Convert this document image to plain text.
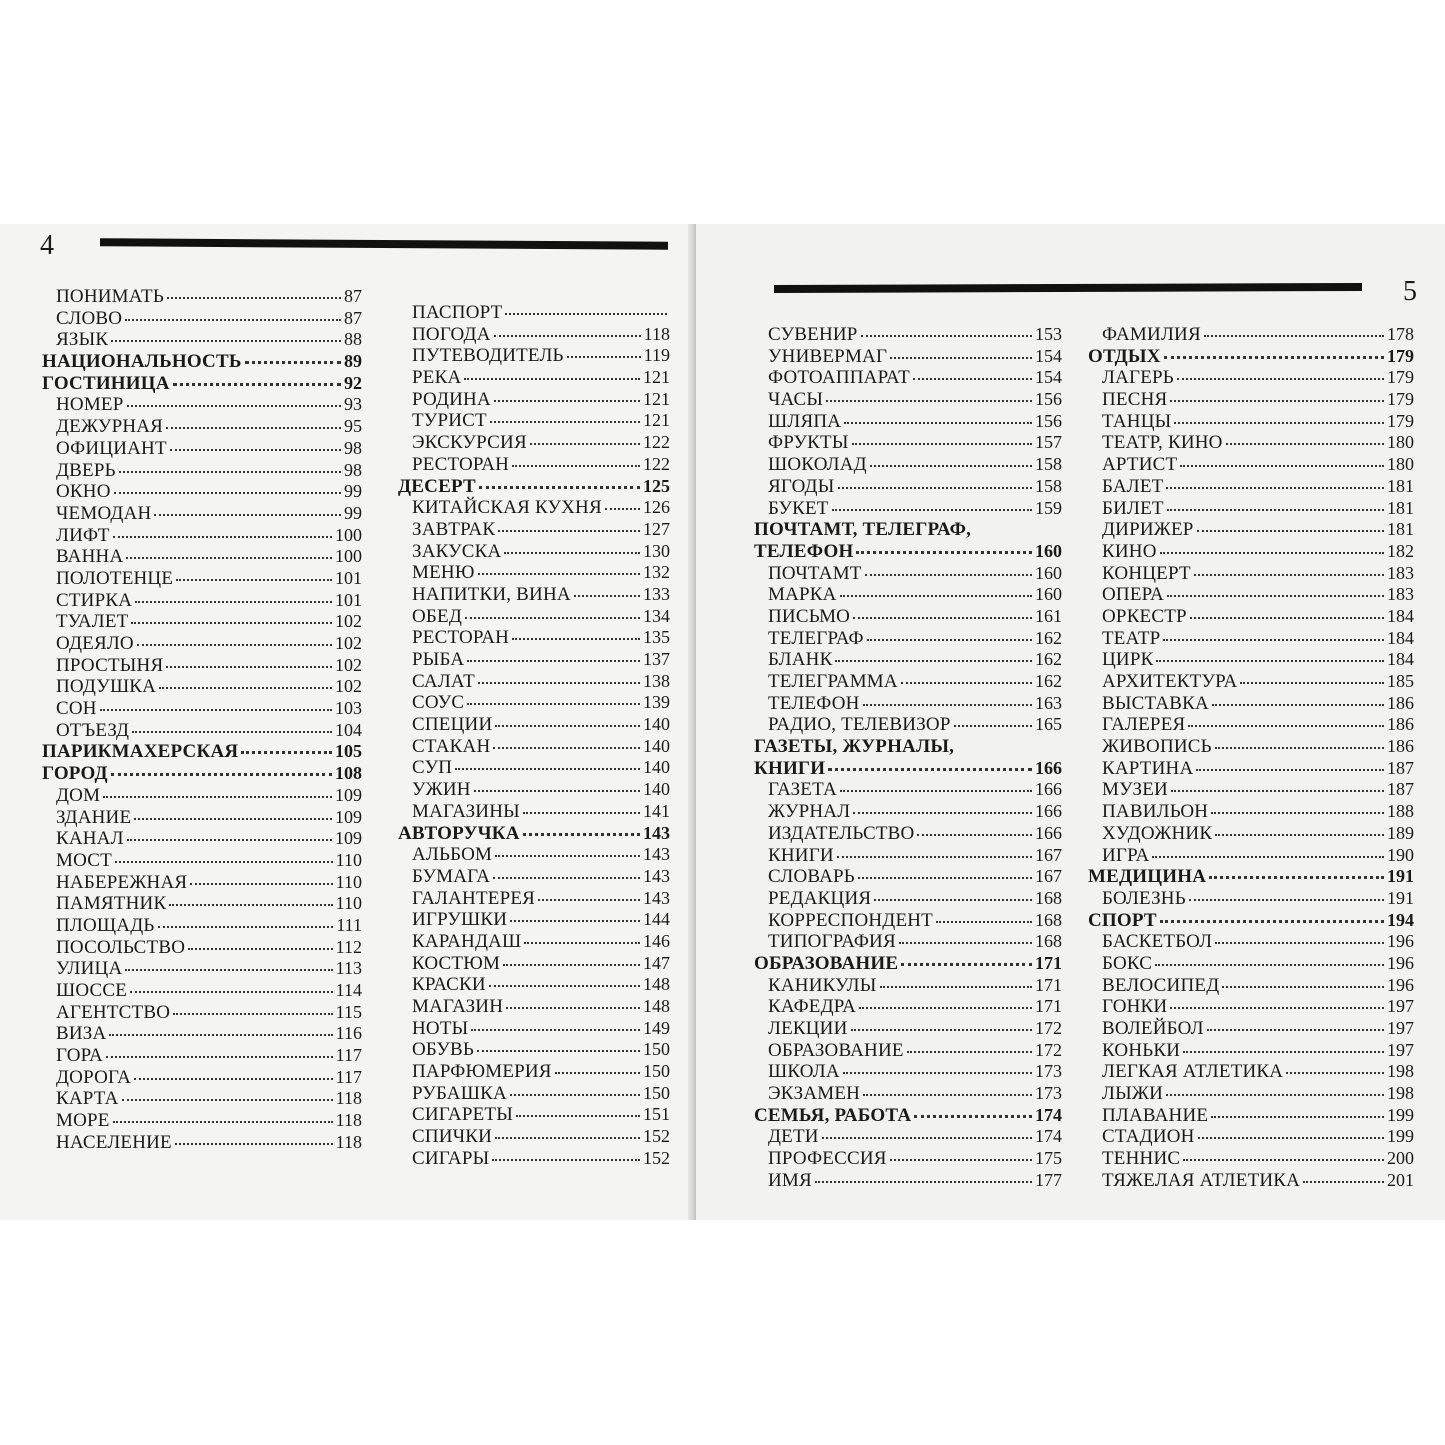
4
ПОНИМАТЬ	87
СЛОВО	87
ЯЗЫК	88
НАЦИОНАЛЬНОСТЬ	89
ГОСТИНИЦА	92
НОМЕР	93
ДЕЖУРНАЯ	95
ОФИЦИАНТ	98
ДВЕРЬ	98
ОКНО	99
ЧЕМОДАН	99
ЛИФТ	100
ВАННА	100
ПОЛОТЕНЦЕ	101
СТИРКА	101
ТУАЛЕТ	102
ОДЕЯЛО	102
ПРОСТЫНЯ	102
ПОДУШКА	102
СОН	103
ОТЪЕЗД	104
ПАРИКМАХЕРСКАЯ	105
ГОРОД	108
ДОМ	109
ЗДАНИЕ	109
КАНАЛ	109
МОСТ	110
НАБЕРЕЖНАЯ	110
ПАМЯТНИК	110
ПЛОЩАДЬ	111
ПОСОЛЬСТВО	112
УЛИЦА	113
ШОССЕ	114
АГЕНТСТВО	115
ВИЗА	116
ГОРА	117
ДОРОГА	117
КАРТА	118
МОРЕ	118
НАСЕЛЕНИЕ	118
ПАСПОРТ
ПОГОДА	118
ПУТЕВОДИТЕЛЬ	119
РЕКА	121
РОДИНА	121
ТУРИСТ	121
ЭКСКУРСИЯ	122
РЕСТОРАН	122
ДЕСЕРТ	125
КИТАЙСКАЯ КУХНЯ 126
ЗАВТРАК	127
ЗАКУСКА	130
МЕНЮ	132
НАПИТКИ, ВИНА	133
ОБЕД	134
РЕСТОРАН	135
РЫБА	137
САЛАТ	138
СОУС	139
СПЕЦИИ	140
СТАКАН	140
СУП	140
УЖИН	140
МАГАЗИНЫ	141
АВТОРУЧКА	143
АЛЬБОМ	143
БУМАГА	143
ГАЛАНТЕРЕЯ	143
ИГРУШКИ	144
КАРАНДАШ	146
КОСТЮМ	147
КРАСКИ	148
МАГАЗИН	148
НОТЫ	149
ОБУВЬ	150
ПАРФЮМЕРИЯ	150
РУБАШКА	150
СИГАРЕТЫ	151
СПИЧКИ	152
СИГАРЫ	152
5
СУВЕНИР	153
УНИВЕРМАГ	154
ФОТОАППАРАТ	154
ЧАСЫ	156
ШЛЯПА	156
ФРУКТЫ	157
ШОКОЛАД	158
ЯГОДЫ	158
БУКЕТ	159
ПОЧТАМТ, ТЕЛЕГРАФ,
ТЕЛЕФОН	160
ПОЧТАМТ	160
МАРКА	160
ПИСЬМО	161
ТЕЛЕГРАФ	162
БЛАНК	162
ТЕЛЕГРАММА	162
ТЕЛЕФОН	163
РАДИО, ТЕЛЕВИЗОР	165
ГАЗЕТЫ, ЖУРНАЛЫ,
КНИГИ	166
ГАЗЕТА	166
ЖУРНАЛ	166
ИЗДАТЕЛЬСТВО	166
КНИГИ	167
СЛОВАРЬ	167
РЕДАКЦИЯ	168
КОРРЕСПОНДЕНТ	168
ТИПОГРАФИЯ	168
ОБРАЗОВАНИЕ	171
КАНИКУЛЫ	171
КАФЕДРА	171
ЛЕКЦИИ	172
ОБРАЗОВАНИЕ	172
ШКОЛА	173
ЭКЗАМЕН	173
СЕМЬЯ, РАБОТА	174
ДЕТИ	174
ПРОФЕССИЯ	175
ИМЯ	177
ФАМИЛИЯ	178
ОТДЫХ	179
ЛАГЕРЬ	179
ПЕСНЯ	179
ТАНЦЫ	179
ТЕАТР, КИНО	180
АРТИСТ	180
БАЛЕТ	181
БИЛЕТ	181
ДИРИЖЕР	181
КИНО	182
КОНЦЕРТ	183
ОПЕРА	183
ОРКЕСТР	184
ТЕАТР	184
ЦИРК	184
АРХИТЕКТУРА	185
ВЫСТАВКА	186
ГАЛЕРЕЯ	186
ЖИВОПИСЬ	186
КАРТИНА	187
МУЗЕИ	187
ПАВИЛЬОН	188
ХУДОЖНИК	189
ИГРА	190
МЕДИЦИНА	191
БОЛЕЗНЬ	191
СПОРТ	194
БАСКЕТБОЛ	196
БОКС	196
ВЕЛОСИПЕД	196
ГОНКИ	197
ВОЛЕЙБОЛ	197
КОНЬКИ	197
ЛЕГКАЯ АТЛЕТИКА	198
ЛЫЖИ	198
ПЛАВАНИЕ	199
СТАДИОН	199
ТЕННИС	200
ТЯЖЕЛАЯ АТЛЕТИКА	201
